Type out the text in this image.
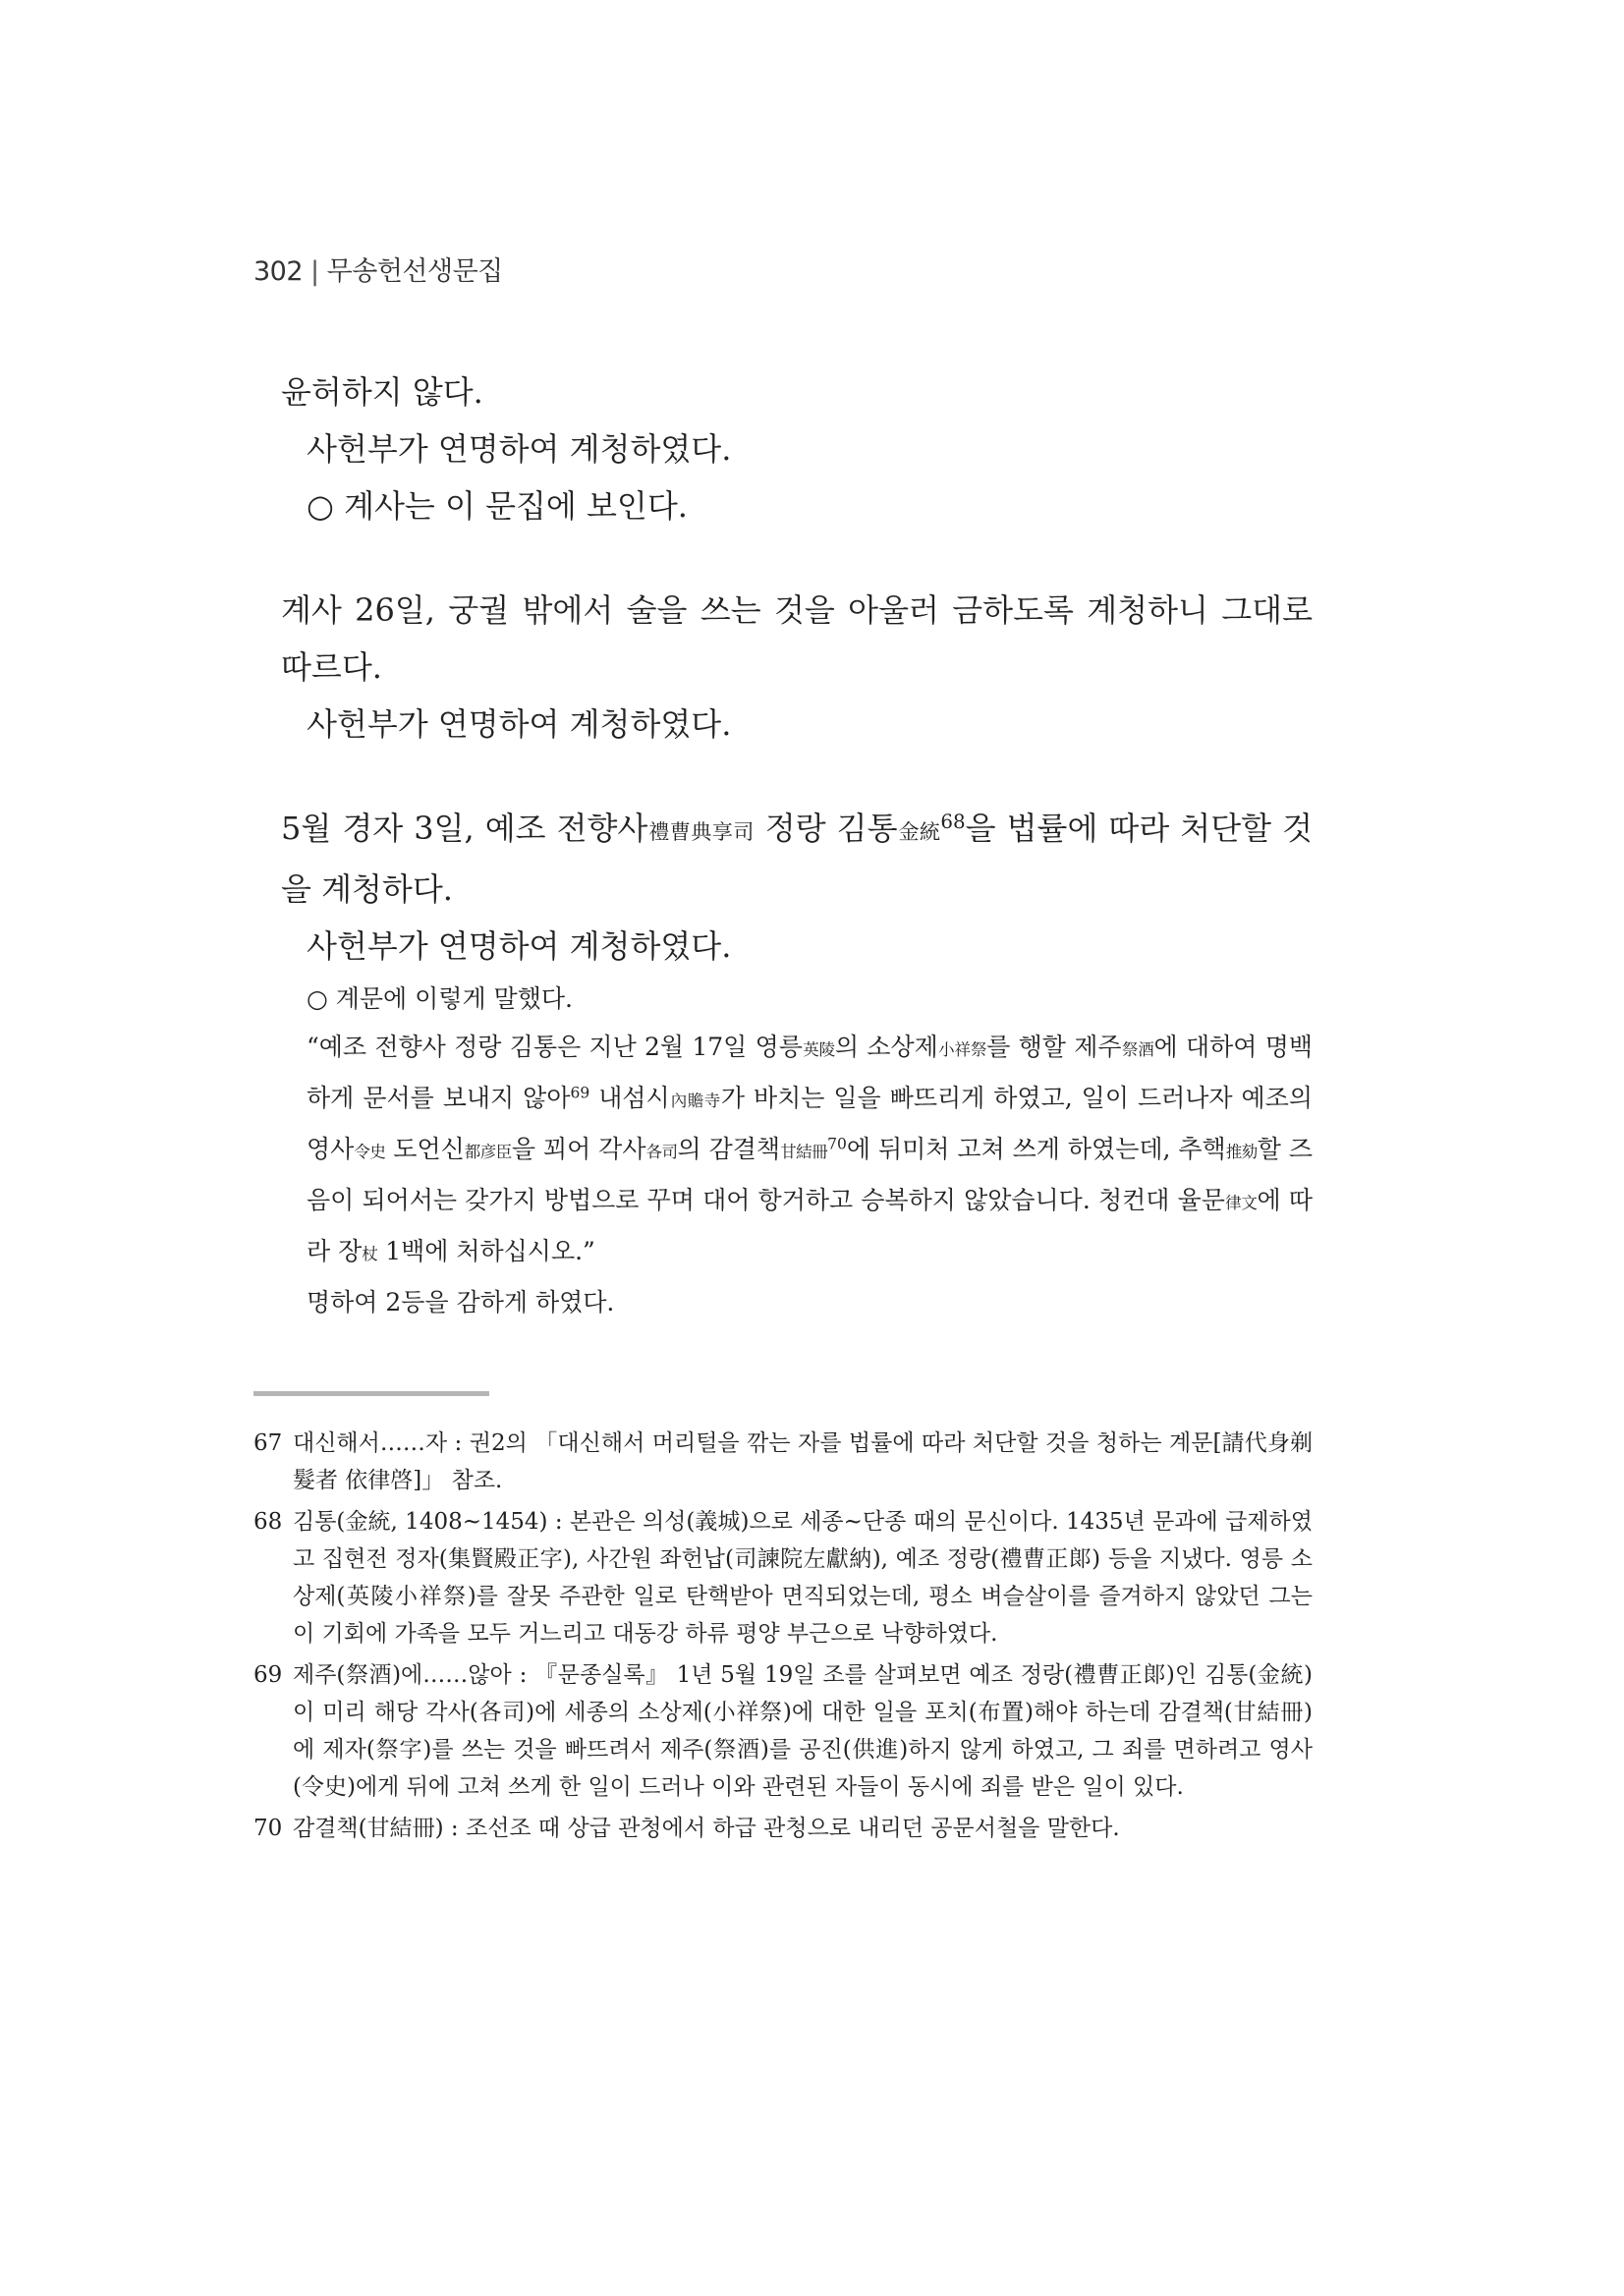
302 | 무송헌선생문집

윤허하지 않다.

사헌부가 연명하여 계청하였다.

○ 계사는 이 문집에 보인다.

계사 26일, 궁궐 밖에서 술을 쓰는 것을 아울러 금하도록 계청하니 그대로 따르다.

사헌부가 연명하여 계청하였다.

5월 경자 3일, 예조 전향사禮曹典享司 정랑 김통金統$^{68}$을 법률에 따라 처단할 것을 계청하다.

사헌부가 연명하여 계청하였다.

○ 계문에 이렇게 말했다.

“예조 전향사 정랑 김통은 지난 2월 17일 영릉英陵의 소상제小祥祭를 행할 제주祭酒에 대하여 명백하게 문서를 보내지 않아$^{69}$ 내섬시內贍寺가 바치는 일을 빠뜨리게 하였고, 일이 드러나자 예조의 영사令史 도언신都彦臣을 꾀어 각사各司의 감결책甘結冊$^{70}$에 뒤미처 고쳐 쓰게 하였는데, 추핵推劾할 즈음이 되어서는 갖가지 방법으로 꾸며 대어 항거하고 승복하지 않았습니다. 청컨대 율문律文에 따라 장杖 1백에 처하십시오.”

명하여 2등을 감하게 하였다.

67 대신해서……자 : 권2의 「대신해서 머리털을 깎는 자를 법률에 따라 처단할 것을 청하는 계문[請代身剃髮者 依律啓]」 참조.
68 김통(金統, 1408~1454) : 본관은 의성(義城)으로 세종~단종 때의 문신이다. 1435년 문과에 급제하였고 집현전 정자(集賢殿正字), 사간원 좌헌납(司諫院左獻納), 예조 정랑(禮曹正郞) 등을 지냈다. 영릉 소상제(英陵小祥祭)를 잘못 주관한 일로 탄핵받아 면직되었는데, 평소 벼슬살이를 즐겨하지 않았던 그는 이 기회에 가족을 모두 거느리고 대동강 하류 평양 부근으로 낙향하였다.
69 제주(祭酒)에……않아 : 『문종실록』 1년 5월 19일 조를 살펴보면 예조 정랑(禮曹正郞)인 김통(金統)이 미리 해당 각사(各司)에 세종의 소상제(小祥祭)에 대한 일을 포치(布置)해야 하는데 감결책(甘結冊)에 제자(祭字)를 쓰는 것을 빠뜨려서 제주(祭酒)를 공진(供進)하지 않게 하였고, 그 죄를 면하려고 영사(令史)에게 뒤에 고쳐 쓰게 한 일이 드러나 이와 관련된 자들이 동시에 죄를 받은 일이 있다.
70 감결책(甘結冊) : 조선조 때 상급 관청에서 하급 관청으로 내리던 공문서철을 말한다.
